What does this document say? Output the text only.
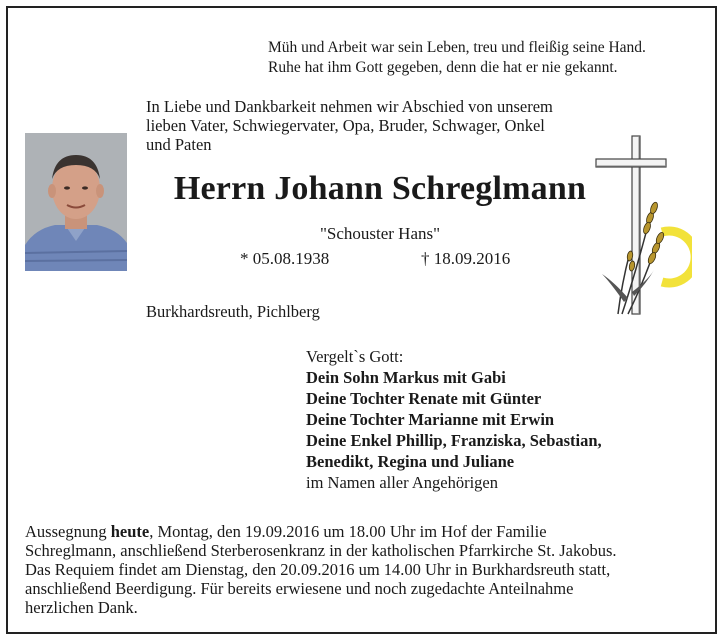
Müh und Arbeit war sein Leben, treu und fleißig seine Hand.
Ruhe hat ihm Gott gegeben, denn die hat er nie gekannt.
In Liebe und Dankbarkeit nehmen wir Abschied von unserem
lieben Vater, Schwiegervater, Opa, Bruder, Schwager, Onkel
und Paten
Herrn Johann Schreglmann
"Schouster Hans"
* 05.08.1938	† 18.09.2016
Burkhardsreuth, Pichlberg
Vergelt`s Gott:
Dein Sohn Markus mit Gabi
Deine Tochter Renate mit Günter
Deine Tochter Marianne mit Erwin
Deine Enkel Phillip, Franziska, Sebastian,
Benedikt, Regina und Juliane
im Namen aller Angehörigen
Aussegnung heute, Montag, den 19.09.2016 um 18.00 Uhr im Hof der Familie
Schreglmann, anschließend Sterberosenkranz in der katholischen Pfarrkirche St. Jakobus.
Das Requiem findet am Dienstag, den 20.09.2016 um 14.00 Uhr in Burkhardsreuth statt,
anschließend Beerdigung. Für bereits erwiesene und noch zugedachte Anteilnahme
herzlichen Dank.
